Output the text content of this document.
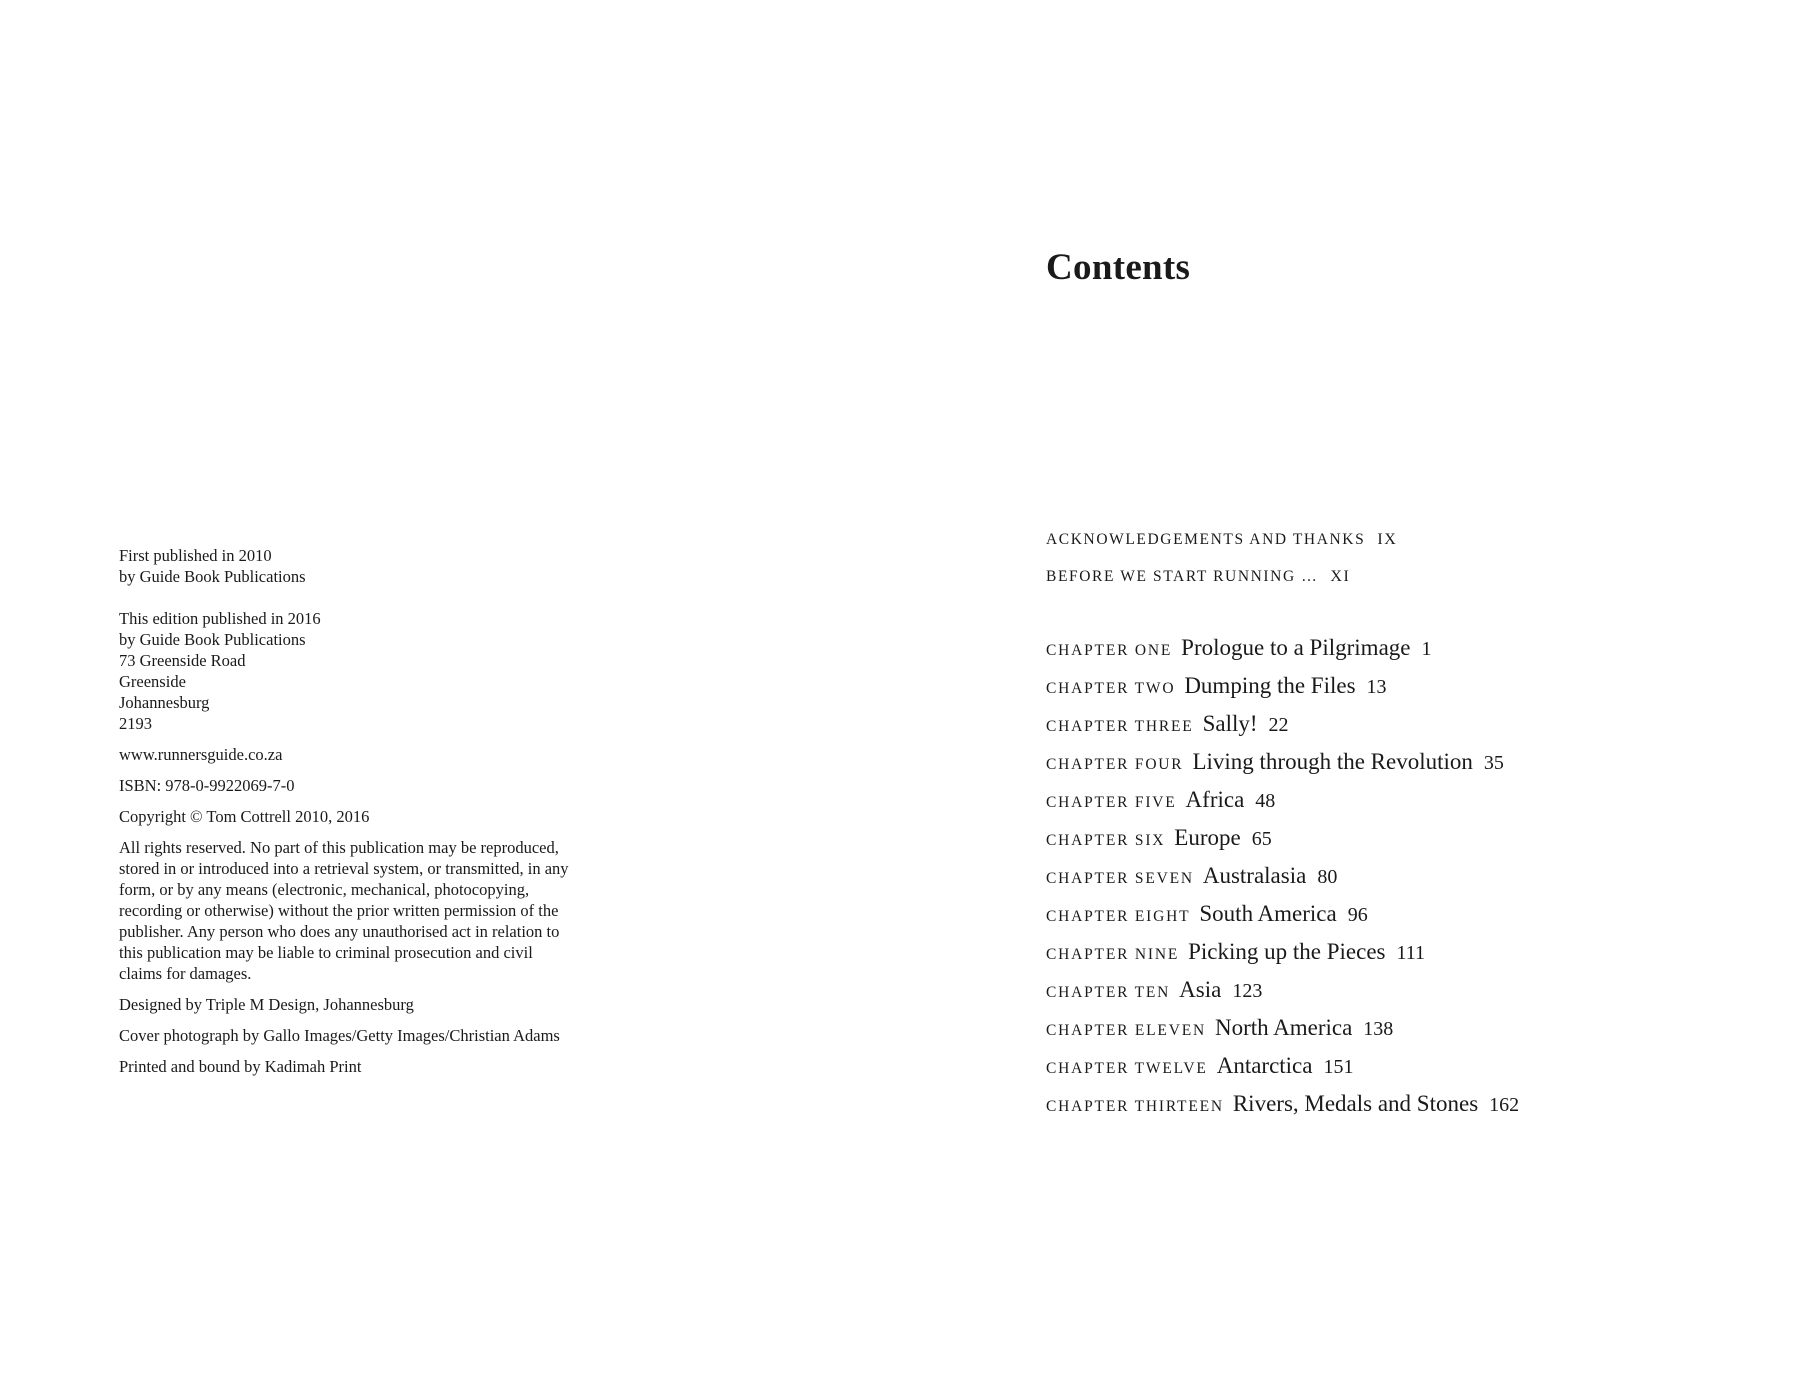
First published in 2010
by Guide Book Publications

This edition published in 2016
by Guide Book Publications
73 Greenside Road
Greenside
Johannesburg
2193

www.runnersguide.co.za

ISBN: 978-0-9922069-7-0

Copyright © Tom Cottrell 2010, 2016

All rights reserved. No part of this publication may be reproduced, stored in or introduced into a retrieval system, or transmitted, in any form, or by any means (electronic, mechanical, photocopying, recording or otherwise) without the prior written permission of the publisher. Any person who does any unauthorised act in relation to this publication may be liable to criminal prosecution and civil claims for damages.

Designed by Triple M Design, Johannesburg

Cover photograph by Gallo Images/Getty Images/Christian Adams

Printed and bound by Kadimah Print

Contents
ACKNOWLEDGEMENTS AND THANKS IX
BEFORE WE START RUNNING … XI
CHAPTER ONE Prologue to a Pilgrimage 1
CHAPTER TWO Dumping the Files 13
CHAPTER THREE Sally! 22
CHAPTER FOUR Living through the Revolution 35
CHAPTER FIVE Africa 48
CHAPTER SIX Europe 65
CHAPTER SEVEN Australasia 80
CHAPTER EIGHT South America 96
CHAPTER NINE Picking up the Pieces 111
CHAPTER TEN Asia 123
CHAPTER ELEVEN North America 138
CHAPTER TWELVE Antarctica 151
CHAPTER THIRTEEN Rivers, Medals and Stones 162
